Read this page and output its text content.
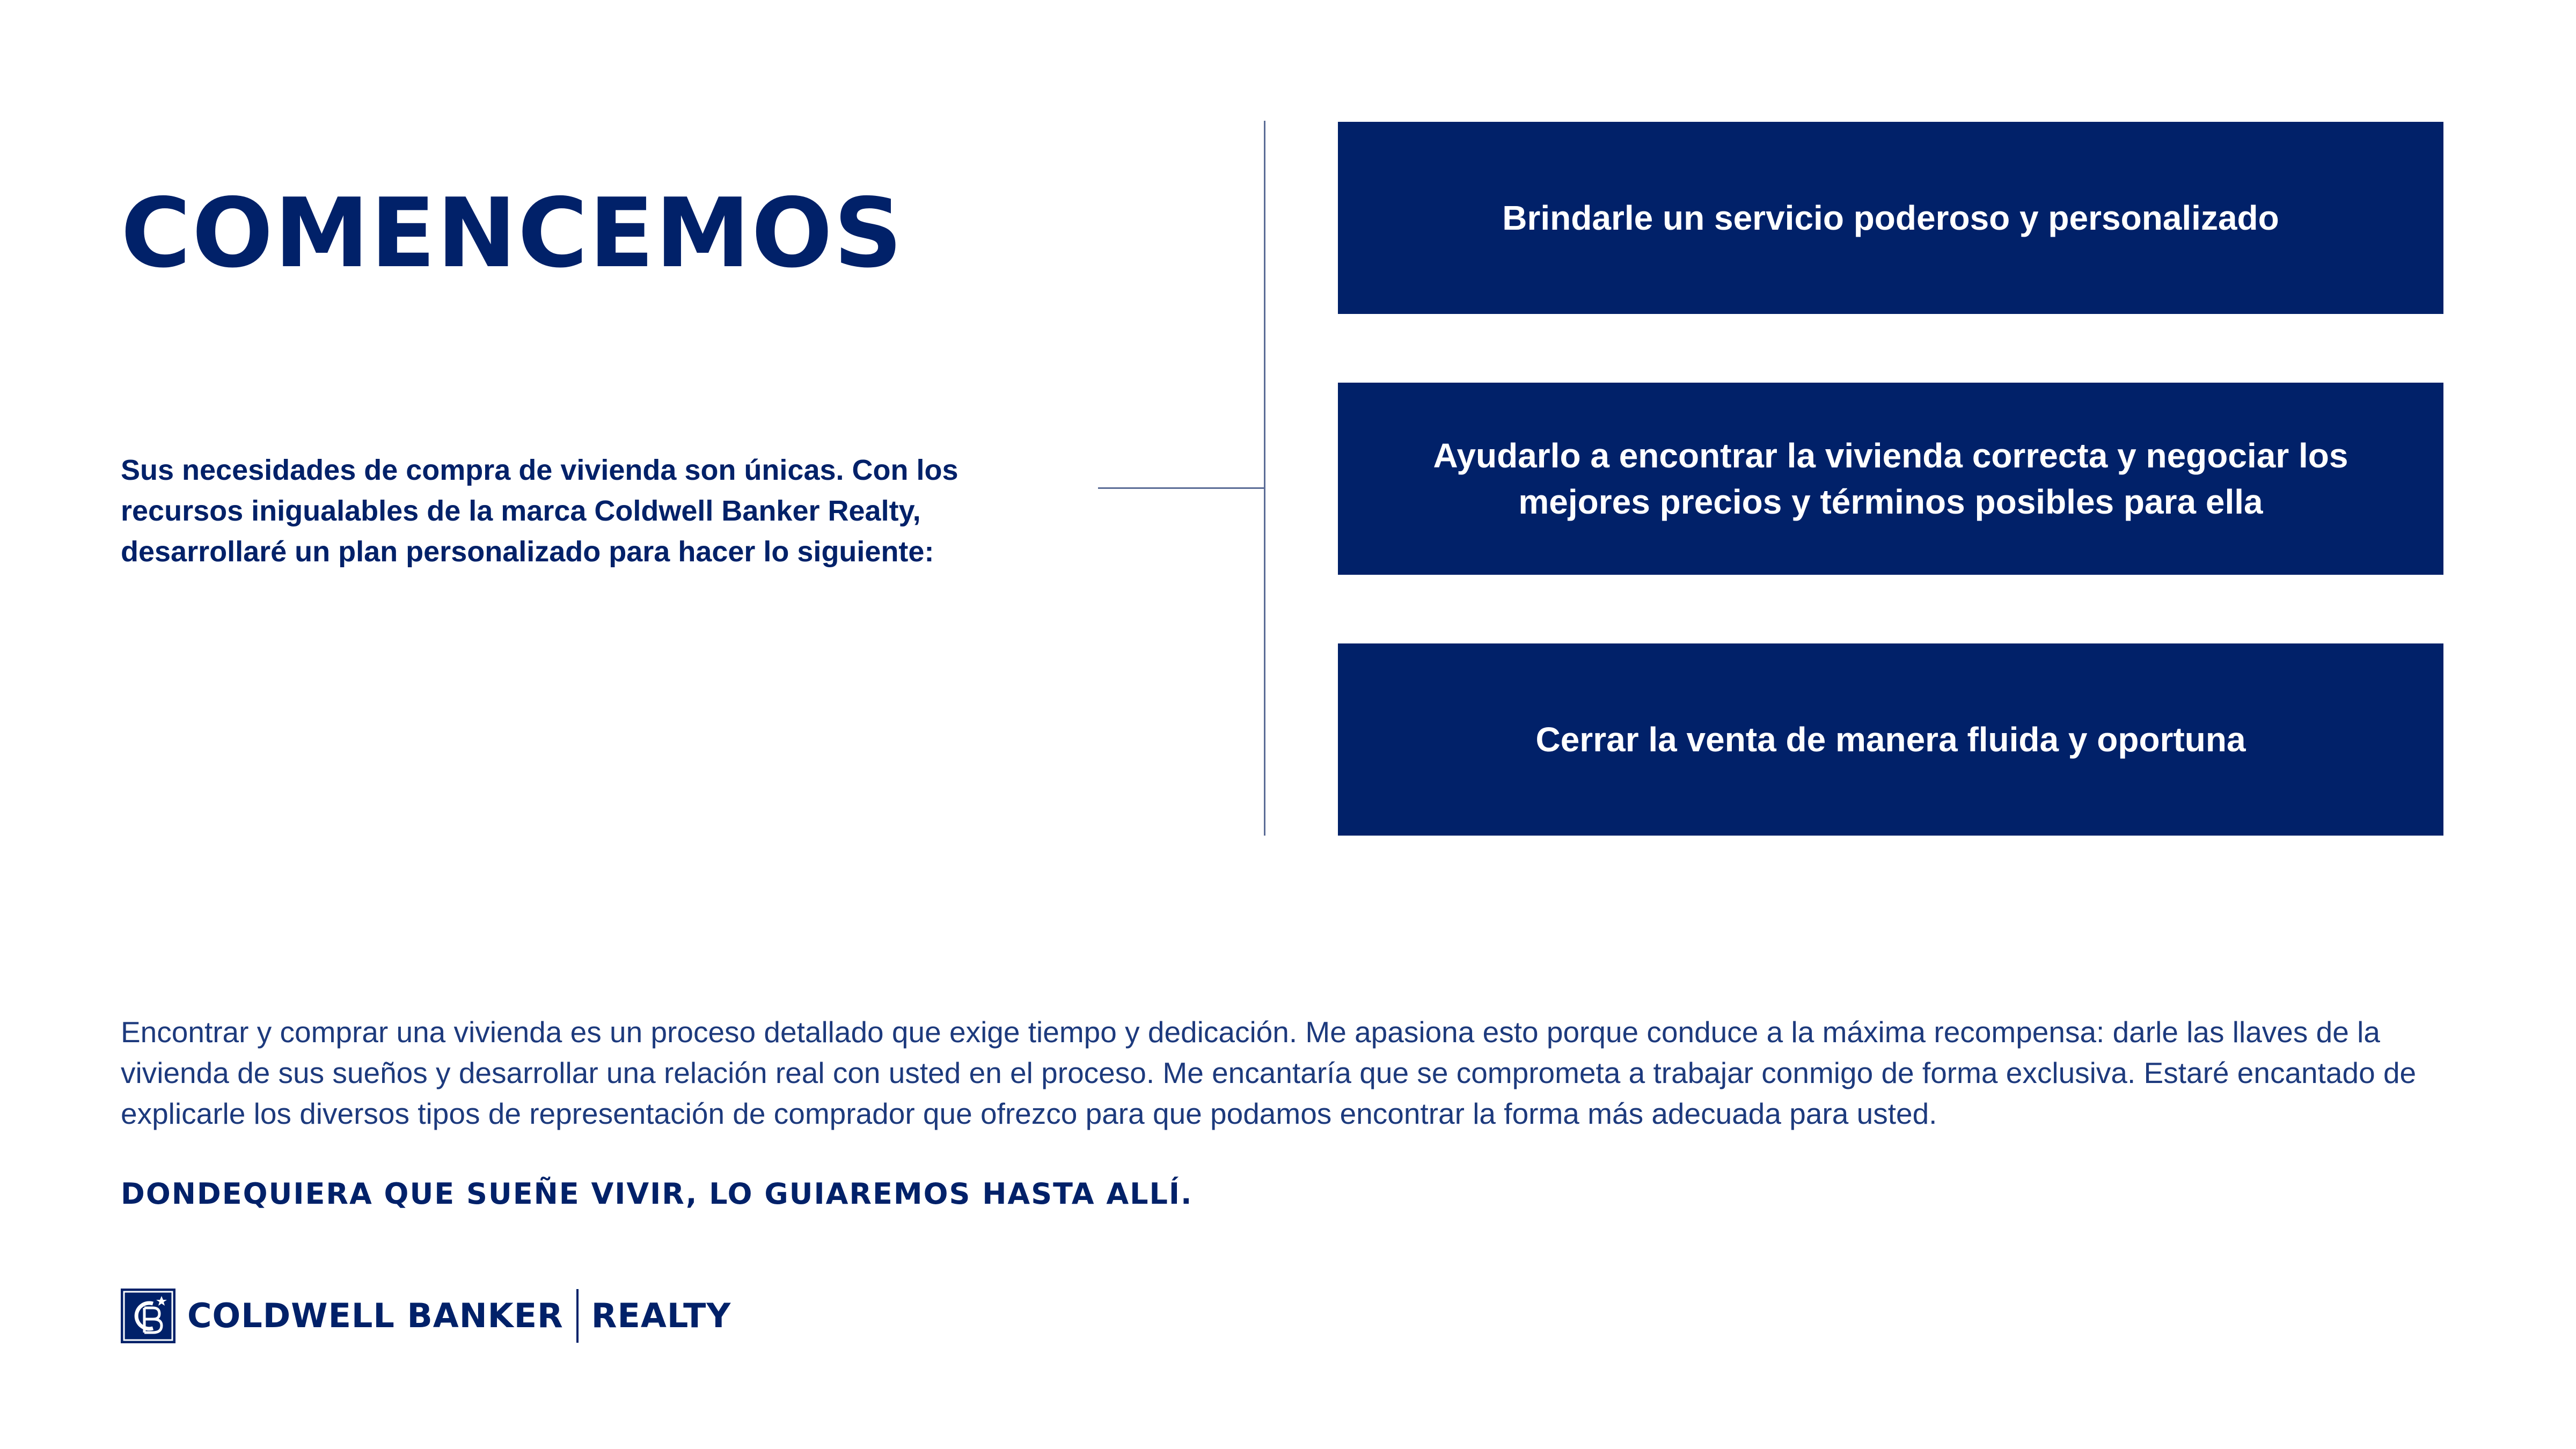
COMENCEMOS

Sus necesidades de compra de vivienda son únicas. Con los recursos inigualables de la marca Coldwell Banker Realty, desarrollaré un plan personalizado para hacer lo siguiente:

Brindarle un servicio poderoso y personalizado
Ayudarlo a encontrar la vivienda correcta y negociar los mejores precios y términos posibles para ella
Cerrar la venta de manera fluida y oportuna

Encontrar y comprar una vivienda es un proceso detallado que exige tiempo y dedicación. Me apasiona esto porque conduce a la máxima recompensa: darle las llaves de la vivienda de sus sueños y desarrollar una relación real con usted en el proceso. Me encantaría que se comprometa a trabajar conmigo de forma exclusiva. Estaré encantado de explicarle los diversos tipos de representación de comprador que ofrezco para que podamos encontrar la forma más adecuada para usted.

DONDEQUIERA QUE SUEÑE VIVIR, LO GUIAREMOS HASTA ALLÍ.

COLDWELL BANKER REALTY
